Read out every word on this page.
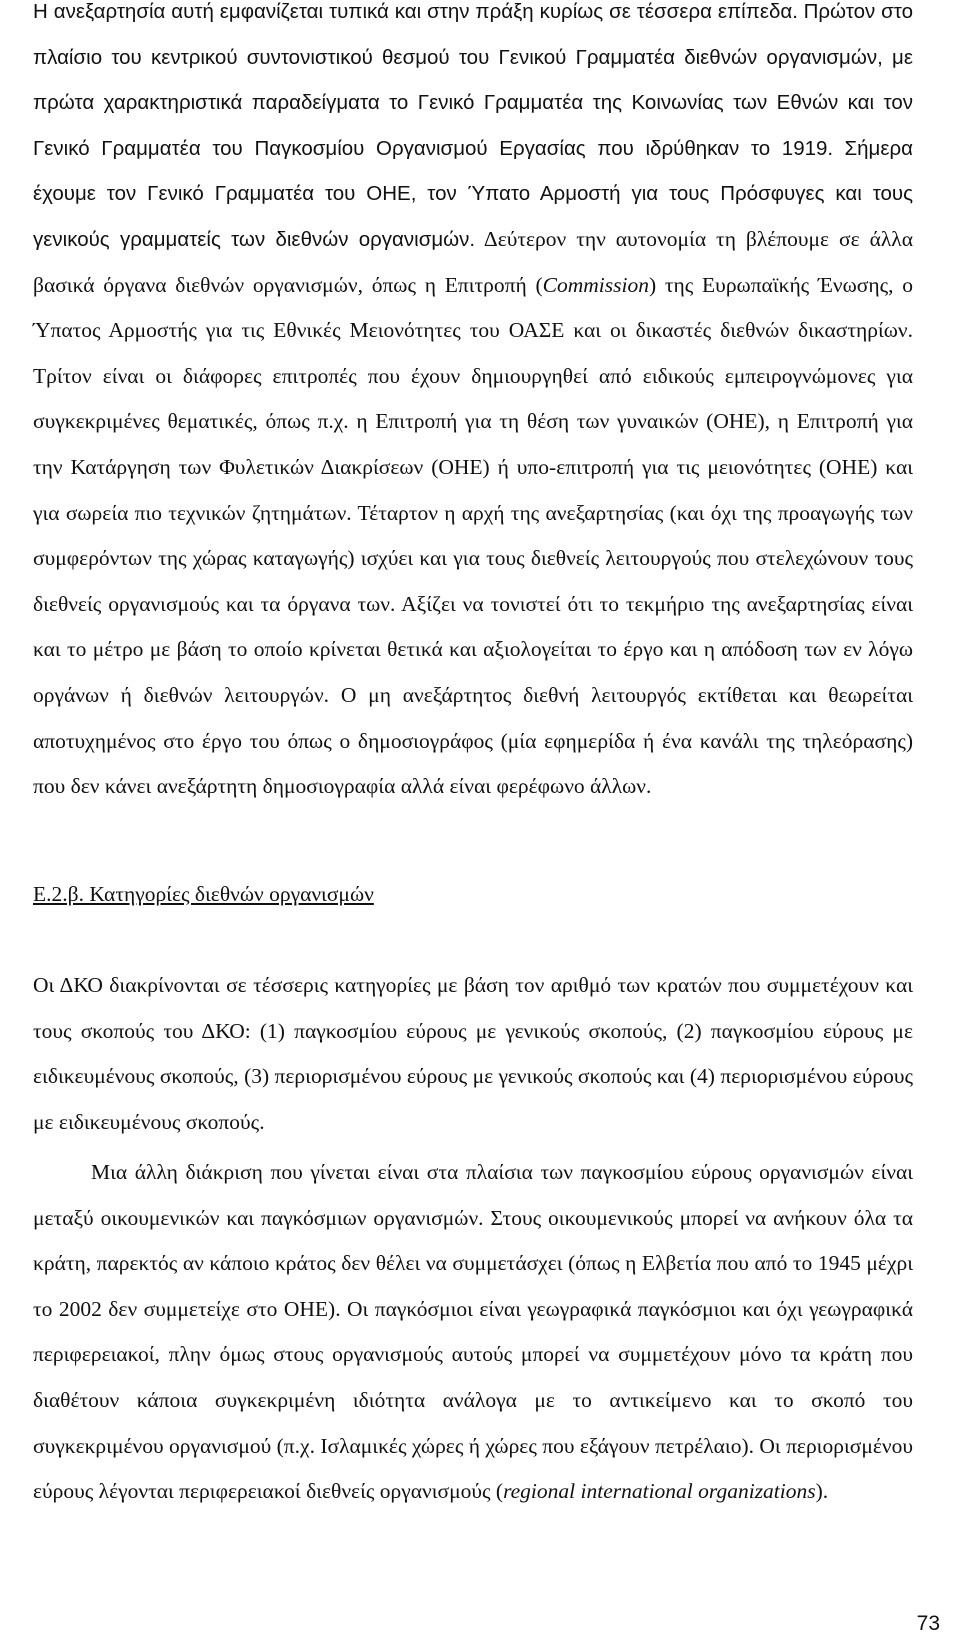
Η ανεξαρτησία αυτή εμφανίζεται τυπικά και στην πράξη κυρίως σε τέσσερα επίπεδα. Πρώτον στο πλαίσιο του κεντρικού συντονιστικού θεσμού του Γενικού Γραμματέα διεθνών οργανισμών, με πρώτα χαρακτηριστικά παραδείγματα το Γενικό Γραμματέα της Κοινωνίας των Εθνών και τον Γενικό Γραμματέα του Παγκοσμίου Οργανισμού Εργασίας που ιδρύθηκαν το 1919. Σήμερα έχουμε τον Γενικό Γραμματέα του ΟΗΕ, τον Ύπατο Αρμοστή για τους Πρόσφυγες και τους γενικούς γραμματείς των διεθνών οργανισμών. Δεύτερον την αυτονομία τη βλέπουμε σε άλλα βασικά όργανα διεθνών οργανισμών, όπως η Επιτροπή (Commission) της Ευρωπαϊκής Ένωσης, ο Ύπατος Αρμοστής για τις Εθνικές Μειονότητες του ΟΑΣΕ και οι δικαστές διεθνών δικαστηρίων. Τρίτον είναι οι διάφορες επιτροπές που έχουν δημιουργηθεί από ειδικούς εμπειρογνώμονες για συγκεκριμένες θεματικές, όπως π.χ. η Επιτροπή για τη θέση των γυναικών (ΟΗΕ), η Επιτροπή για την Κατάργηση των Φυλετικών Διακρίσεων (ΟΗΕ) ή υπο-επιτροπή για τις μειονότητες (ΟΗΕ) και για σωρεία πιο τεχνικών ζητημάτων. Τέταρτον η αρχή της ανεξαρτησίας (και όχι της προαγωγής των συμφερόντων της χώρας καταγωγής) ισχύει και για τους διεθνείς λειτουργούς που στελεχώνουν τους διεθνείς οργανισμούς και τα όργανα των. Αξίζει να τονιστεί ότι το τεκμήριο της ανεξαρτησίας είναι και το μέτρο με βάση το οποίο κρίνεται θετικά και αξιολογείται το έργο και η απόδοση των εν λόγω οργάνων ή διεθνών λειτουργών. Ο μη ανεξάρτητος διεθνή λειτουργός εκτίθεται και θεωρείται αποτυχημένος στο έργο του όπως ο δημοσιογράφος (μία εφημερίδα ή ένα κανάλι της τηλεόρασης) που δεν κάνει ανεξάρτητη δημοσιογραφία αλλά είναι φερέφωνο άλλων.

Ε.2.β. Κατηγορίες διεθνών οργανισμών

Οι ΔΚΟ διακρίνονται σε τέσσερις κατηγορίες με βάση τον αριθμό των κρατών που συμμετέχουν και τους σκοπούς του ΔΚΟ: (1) παγκοσμίου εύρους με γενικούς σκοπούς, (2) παγκοσμίου εύρους με ειδικευμένους σκοπούς, (3) περιορισμένου εύρους με γενικούς σκοπούς και (4) περιορισμένου εύρους με ειδικευμένους σκοπούς.

Μια άλλη διάκριση που γίνεται είναι στα πλαίσια των παγκοσμίου εύρους οργανισμών είναι μεταξύ οικουμενικών και παγκόσμιων οργανισμών. Στους οικουμενικούς μπορεί να ανήκουν όλα τα κράτη, παρεκτός αν κάποιο κράτος δεν θέλει να συμμετάσχει (όπως η Ελβετία που από το 1945 μέχρι το 2002 δεν συμμετείχε στο ΟΗΕ). Οι παγκόσμιοι είναι γεωγραφικά παγκόσμιοι και όχι γεωγραφικά περιφερειακοί, πλην όμως στους οργανισμούς αυτούς μπορεί να συμμετέχουν μόνο τα κράτη που διαθέτουν κάποια συγκεκριμένη ιδιότητα ανάλογα με το αντικείμενο και το σκοπό του συγκεκριμένου οργανισμού (π.χ. Ισλαμικές χώρες ή χώρες που εξάγουν πετρέλαιο). Οι περιορισμένου εύρους λέγονται περιφερειακοί διεθνείς οργανισμούς (regional international organizations).

73
